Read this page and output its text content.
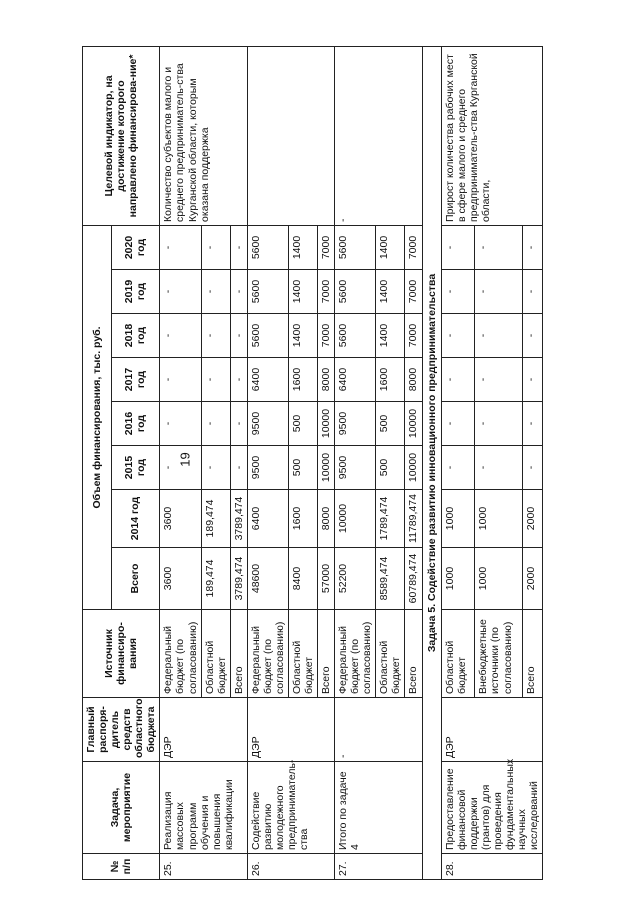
19
№ п/п	Задача, мероприятие	Главный распоря-дитель средств областного бюджета	Источник финансиро-вания	Объем финансирования, тыс. руб.								Целевой индикатор, на достижение которого направлено финансирова-ние*
				Всего	2014 год	2015 год	2016 год	2017 год	2018 год	2019 год	2020 год	
25.	Реализация массовых программ обучения и повышения квалификации	ДЭР	Федеральный бюджет (по согласованию)	3600	3600	-	-	-	-	-	-	Количество субъектов малого и среднего предприниматель-ства Курганской области, которым оказана поддержка
			Областной бюджет	189,474	189,474	-	-	-	-	-	-	
			Всего	3789,474	3789,474	-	-	-	-	-	-	
26.	Содействие развитию молодежного предприниматель-ства	ДЭР	Федеральный бюджет (по согласованию)	48600	6400	9500	9500	6400	5600	5600	5600	
			Областной бюджет	8400	1600	500	500	1600	1400	1400	1400	
			Всего	57000	8000	10000	10000	8000	7000	7000	7000	
27.	Итого по задаче 4	-	Федеральный бюджет (по согласованию)	52200	10000	9500	9500	6400	5600	5600	5600	-
			Областной бюджет	8589,474	1789,474	500	500	1600	1400	1400	1400	
			Всего	60789,474	11789,474	10000	10000	8000	7000	7000	7000	
Задача 5. Содействие развитию инновационного предпринимательства												
28.	Предоставление финансовой поддержки (грантов) для проведения фундаментальных научных исследований	ДЭР	Областной бюджет	1000	1000	-	-	-	-	-	-	Прирост количества рабочих мест в сфере малого и среднего предприниматель-ства Курганской области,
			Внебюджетные источники (по согласованию)	1000	1000	-	-	-	-	-	-	
			Всего	2000	2000	-	-	-	-	-	-	
